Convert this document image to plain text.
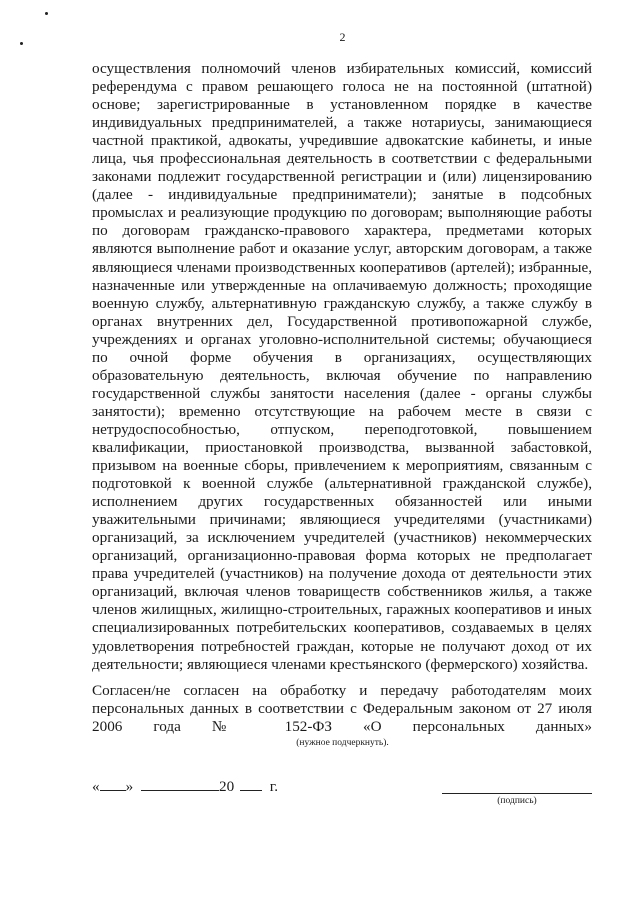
2

осуществления полномочий членов избирательных комиссий, комиссий референдума с правом решающего голоса не на постоянной (штатной) основе; зарегистрированные в установленном порядке в качестве индивидуальных предпринимателей, а также нотариусы, занимающиеся частной практикой, адвокаты, учредившие адвокатские кабинеты, и иные лица, чья профессиональная деятельность в соответствии с федеральными законами подлежит государственной регистрации и (или) лицензированию (далее - индивидуальные предприниматели); занятые в подсобных промыслах и реализующие продукцию по договорам; выполняющие работы по договорам гражданско-правового характера, предметами которых являются выполнение работ и оказание услуг, авторским договорам, а также являющиеся членами производственных кооперативов (артелей); избранные, назначенные или утвержденные на оплачиваемую должность; проходящие военную службу, альтернативную гражданскую службу, а также службу в органах внутренних дел, Государственной противопожарной службе, учреждениях и органах уголовно-исполнительной системы; обучающиеся по очной форме обучения в организациях, осуществляющих образовательную деятельность, включая обучение по направлению государственной службы занятости населения (далее - органы службы занятости); временно отсутствующие на рабочем месте в связи с нетрудоспособностью, отпуском, переподготовкой, повышением квалификации, приостановкой производства, вызванной забастовкой, призывом на военные сборы, привлечением к мероприятиям, связанным с подготовкой к военной службе (альтернативной гражданской службе), исполнением других государственных обязанностей или иными уважительными причинами; являющиеся учредителями (участниками) организаций, за исключением учредителей (участников) некоммерческих организаций, организационно-правовая форма которых не предполагает права учредителей (участников) на получение дохода от деятельности этих организаций, включая членов товариществ собственников жилья, а также членов жилищных, жилищно-строительных, гаражных кооперативов и иных специализированных потребительских кооперативов, создаваемых в целях удовлетворения потребностей граждан, которые не получают доход от их деятельности; являющиеся членами крестьянского (фермерского) хозяйства.

Согласен/не согласен на обработку и передачу работодателям моих персональных данных в соответствии с Федеральным законом от 27 июля 2006 года № 152-ФЗ «О персональных данных»

(нужное подчеркнуть).
« »	20 г.
(подпись)
